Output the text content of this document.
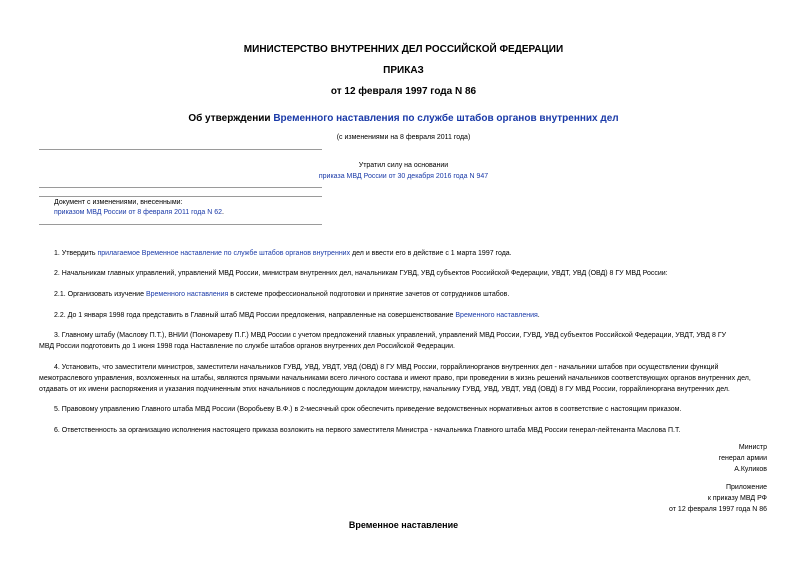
МИНИСТЕРСТВО ВНУТРЕННИХ ДЕЛ РОССИЙСКОЙ ФЕДЕРАЦИИ
ПРИКАЗ
от 12 февраля 1997 года N 86
Об утверждении Временного наставления по службе штабов органов внутренних дел
(с изменениями на 8 февраля 2011 года)
Утратил силу на основании
приказа МВД России от 30 декабря 2016 года N 947
Документ с изменениями, внесенными:
приказом МВД России от 8 февраля 2011 года N 62.
1. Утвердить прилагаемое Временное наставление по службе штабов органов внутренних дел и ввести его в действие с 1 марта 1997 года.
2. Начальникам главных управлений, управлений МВД России, министрам внутренних дел, начальникам ГУВД, УВД субъектов Российской Федерации, УВДТ, УВД (ОВД) 8 ГУ МВД России:
2.1. Организовать изучение Временного наставления в системе профессиональной подготовки и принятие зачетов от сотрудников штабов.
2.2. До 1 января 1998 года представить в Главный штаб МВД России предложения, направленные на совершенствование Временного наставления.
3. Главному штабу (Маслову П.Т.), ВНИИ (Пономареву П.Г.) МВД России с учетом предложений главных управлений, управлений МВД России, ГУВД, УВД субъектов Российской Федерации, УВДТ, УВД 8 ГУ
МВД России подготовить до 1 июня 1998 года Наставление по службе штабов органов внутренних дел Российской Федерации.
4. Установить, что заместители министров, заместители начальников ГУВД, УВД, УВДТ, УВД (ОВД) 8 ГУ МВД России, горрайлинорганов внутренних дел - начальники штабов при осуществлении функций
межотраслевого управления, возложенных на штабы, являются прямыми начальниками всего личного состава и имеют право, при проведении в жизнь решений начальников соответствующих органов внутренних дел,
отдавать от их имени распоряжения и указания подчиненным этих начальников с последующим докладом министру, начальнику ГУВД, УВД, УВДТ, УВД (ОВД) 8 ГУ МВД России, горрайлиноргана внутренних дел.
5. Правовому управлению Главного штаба МВД России (Воробьеву В.Ф.) в 2-месячный срок обеспечить приведение ведомственных нормативных актов в соответствие с настоящим приказом.
6. Ответственность за организацию исполнения настоящего приказа возложить на первого заместителя Министра - начальника Главного штаба МВД России генерал-лейтенанта Маслова П.Т.
Министр
генерал армии
А.Куликов
Приложение
к приказу МВД РФ
от 12 февраля 1997 года N 86
Временное наставление
